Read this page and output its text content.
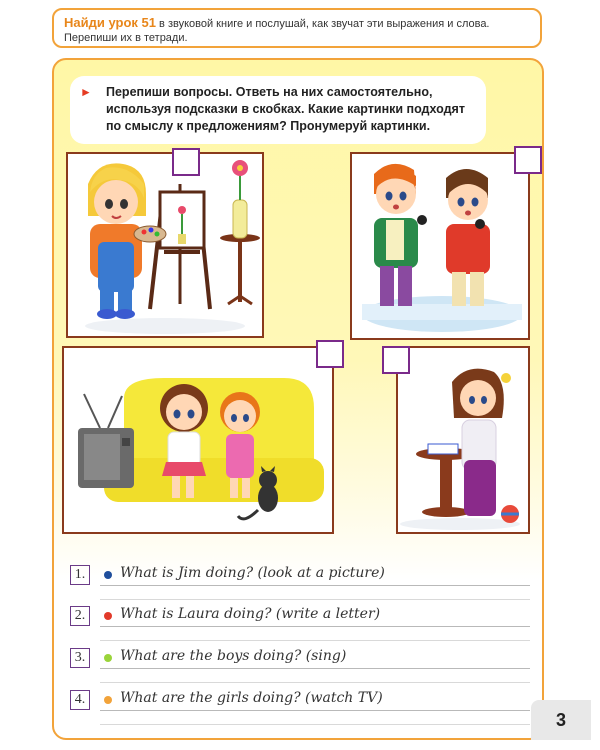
Найди урок 51 в звуковой книге и послушай, как звучат эти выражения и слова.
Перепиши их в тетради.
► Перепиши вопросы. Ответь на них самостоятельно, используя подсказки в скобках. Какие картинки подходят по смыслу к предложениям? Пронумеруй картинки.
1.	What is Jim doing? (look at a picture)
2.	What is Laura doing? (write a letter)
3.	What are the boys doing? (sing)
4.	What are the girls doing? (watch TV)
3
